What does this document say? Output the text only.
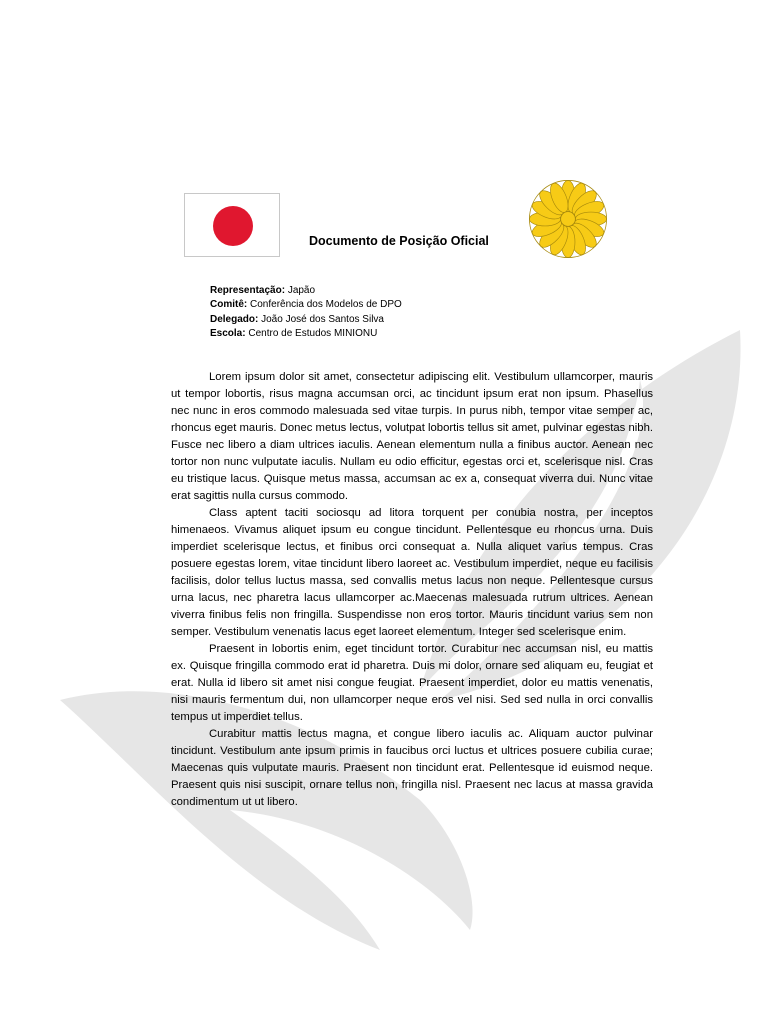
Documento de Posição Oficial
Representação: Japão
Comitê: Conferência dos Modelos de DPO
Delegado: João José dos Santos Silva
Escola: Centro de Estudos MINIONU

Lorem ipsum dolor sit amet, consectetur adipiscing elit. Vestibulum ullamcorper, mauris ut tempor lobortis, risus magna accumsan orci, ac tincidunt ipsum erat non ipsum. Phasellus nec nunc in eros commodo malesuada sed vitae turpis. In purus nibh, tempor vitae semper ac, rhoncus eget mauris. Donec metus lectus, volutpat lobortis tellus sit amet, pulvinar egestas nibh. Fusce nec libero a diam ultrices iaculis. Aenean elementum nulla a finibus auctor. Aenean nec tortor non nunc vulputate iaculis. Nullam eu odio efficitur, egestas orci et, scelerisque nisl. Cras eu tristique lacus. Quisque metus massa, accumsan ac ex a, consequat viverra dui. Nunc vitae erat sagittis nulla cursus commodo.

Class aptent taciti sociosqu ad litora torquent per conubia nostra, per inceptos himenaeos. Vivamus aliquet ipsum eu congue tincidunt. Pellentesque eu rhoncus urna. Duis imperdiet scelerisque lectus, et finibus orci consequat a. Nulla aliquet varius tempus. Cras posuere egestas lorem, vitae tincidunt libero laoreet ac. Vestibulum imperdiet, neque eu facilisis facilisis, dolor tellus luctus massa, sed convallis metus lacus non neque. Pellentesque cursus urna lacus, nec pharetra lacus ullamcorper ac.Maecenas malesuada rutrum ultrices. Aenean viverra finibus felis non fringilla. Suspendisse non eros tortor. Mauris tincidunt varius sem non semper. Vestibulum venenatis lacus eget laoreet elementum. Integer sed scelerisque enim.

Praesent in lobortis enim, eget tincidunt tortor. Curabitur nec accumsan nisl, eu mattis ex. Quisque fringilla commodo erat id pharetra. Duis mi dolor, ornare sed aliquam eu, feugiat et erat. Nulla id libero sit amet nisi congue feugiat. Praesent imperdiet, dolor eu mattis venenatis, nisi mauris fermentum dui, non ullamcorper neque eros vel nisi. Sed sed nulla in orci convallis tempus ut imperdiet tellus.

Curabitur mattis lectus magna, et congue libero iaculis ac. Aliquam auctor pulvinar tincidunt. Vestibulum ante ipsum primis in faucibus orci luctus et ultrices posuere cubilia curae; Maecenas quis vulputate mauris. Praesent non tincidunt erat. Pellentesque id euismod neque. Praesent quis nisi suscipit, ornare tellus non, fringilla nisl. Praesent nec lacus at massa gravida condimentum ut ut libero.
